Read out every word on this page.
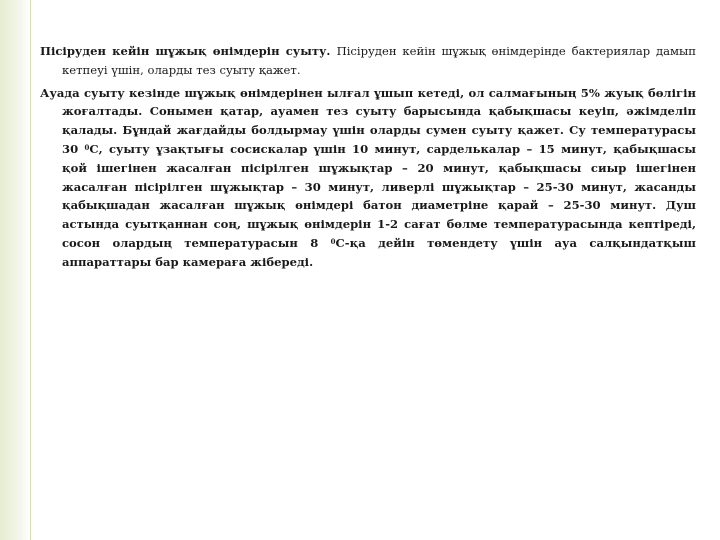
Пісіруден кейін шұжық өнімдерін суыту. Пісіруден кейін шұжық өнімдерінде бактериялар дамып кетпеуі үшін, оларды тез суыту қажет.

Ауада суыту кезінде шұжық өнімдерінен ылғал ұшып кетеді, ол салмағының 5% жуық бөлігін жоғалтады. Сонымен қатар, ауамен тез суыту барысында қабықшасы кеуіп, әжімделіп қалады. Бұндай жағдайды болдырмау үшін оларды сумен суыту қажет. Су температурасы 30 $^0$С, суыту ұзақтығы сосискалар үшін 10 минут, сарделькалар – 15 минут, қабықшасы қой ішегінен жасалған пісірілген шұжықтар – 20 минут, қабықшасы сиыр ішегінен жасалған пісірілген шұжықтар – 30 минут, ливерлі шұжықтар – 25-30 минут, жасанды қабықшадан жасалған шұжық өнімдері батон диаметріне қарай – 25-30 минут. Душ астында суытқаннан соң, шұжық өнімдерін 1-2 сағат бөлме температурасында кептіреді, сосон олардың температурасын 8 $^0$С-қа дейін төмендету үшін ауа салқындатқыш аппараттары бар камераға жібереді.
